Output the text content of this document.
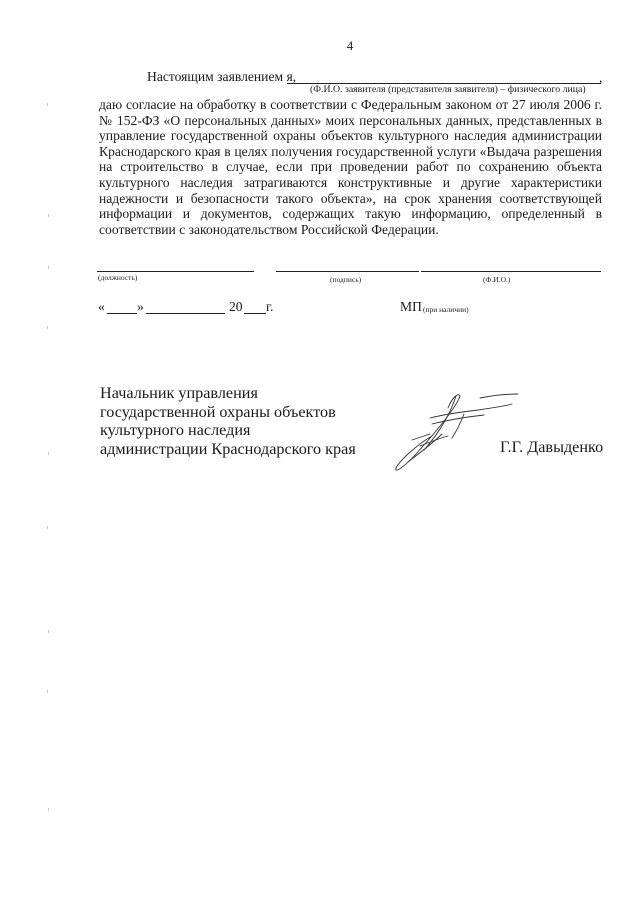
4
Настоящим заявлением я,	,
(Ф.И.О. заявителя (представителя заявителя) – физического лица)
даю согласие на обработку в соответствии с Федеральным законом от 27 июля 2006 г. № 152-ФЗ «О персональных данных» моих персональных данных, представленных в управление государственной охраны объектов культурного наследия администрации Краснодарского края в целях получения государственной услуги «Выдача разрешения на строительство в случае, если при проведении работ по сохранению объекта культурного наследия затрагиваются конструктивные и другие характеристики надежности и безопасности такого объекта», на срок хранения соответствующей информации и документов, содержащих такую информацию, определенный в соответствии с законодательством Российской Федерации.
(должность)	(подпись)	(Ф.И.О.)
« »	20 г.	МП (при наличии)
Начальник управления
государственной охраны объектов
культурного наследия
администрации Краснодарского края	Г.Г. Давыденко
